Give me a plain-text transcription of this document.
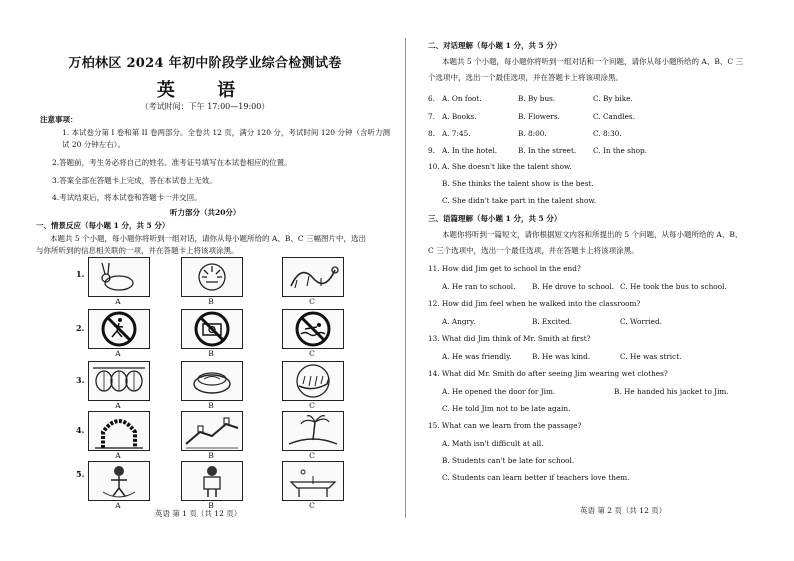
万柏林区 2024 年初中阶段学业综合检测试卷
英 语
（考试时间：下午 17:00—19:00）
注意事项：
1. 本试卷分第 I 卷和第 II 卷两部分。全卷共 12 页，满分 120 分，考试时间 120 分钟（含听力测
试 20 分钟左右）。
2.答题前，考生务必将自己的姓名、准考证号填写在本试卷相应的位置。
3.答案全部在答题卡上完成，答在本试卷上无效。
4.考试结束后，将本试卷和答题卡一并交回。
听力部分（共20分）
一、情景反应（每小题 1 分，共 5 分）
本题共 5 个小题，每小题你将听到一组对话，请你从每小题所给的 A、B、C 三幅图片中，选出
与你所听到的信息相关联的一项，并在答题卡上将该项涂黑。
1.
A	B	C
2.
A	B	C
3.
A	B	C
4.
A	B	C
5.
A	B	C
英语 第 1 页（共 12 页）
二、对话理解（每小题 1 分，共 5 分）
本题共 5 个小题，每小题你将听到一组对话和一个问题，请你从每小题所给的 A、B、C 三
个选项中，选出一个最佳选项，并在答题卡上将该项涂黑。
6. A. On foot.	B. By bus.	C. By bike.
7. A. Books.	B. Flowers.	C. Candles.
8. A. 7:45.	B. 8:00.	C. 8:30.
9. A. In the hotel.	B. In the street. C. In the shop.
10. A. She doesn't like the talent show.
B. She thinks the talent show is the best.
C. She didn't take part in the talent show.
三、语篇理解（每小题 1 分，共 5 分）
本题你将听到一篇短文，请你根据短文内容和所提出的 5 个问题，从每小题所给的 A、B、
C 三个选项中，选出一个最佳选项，并在答题卡上将该项涂黑。
11. How did Jim get to school in the end?
A. He ran to school. B. He drove to school. C. He took the bus to school.
12. How did Jim feel when he walked into the classroom?
A. Angry.	B. Excited.	C. Worried.
13. What did Jim think of Mr. Smith at first?
A. He was friendly.	B. He was kind.	C. He was strict.
14. What did Mr. Smith do after seeing Jim wearing wet clothes?
A. He opened the door for Jim.	B. He handed his jacket to Jim.
C. He told Jim not to be late again.
15. What can we learn from the passage?
A. Math isn't difficult at all.
B. Students can't be late for school.
C. Students can learn better if teachers love them.
英语 第 2 页（共 12 页）
